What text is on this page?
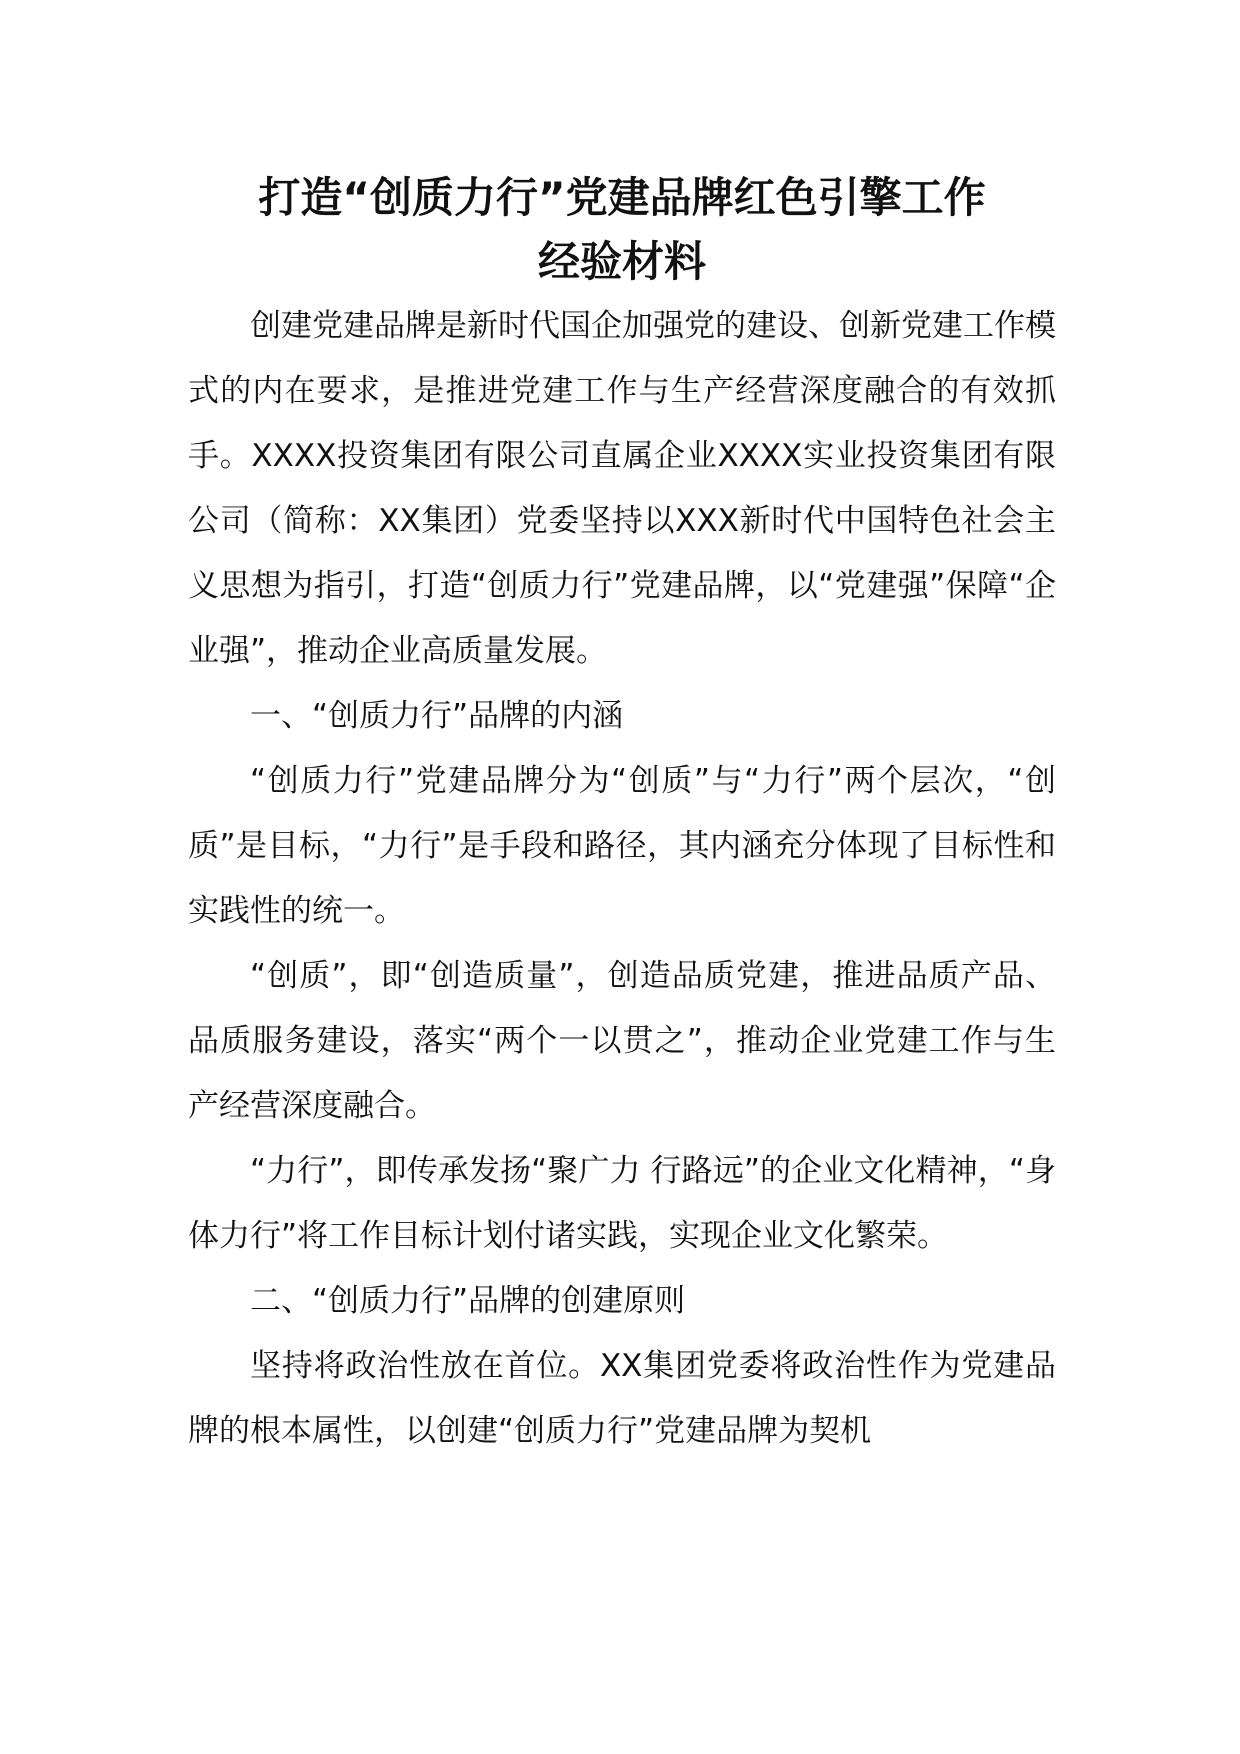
打造“创质力行”党建品牌红色引擎工作
经验材料

创建党建品牌是新时代国企加强党的建设、创新党建工作模式的内在要求，是推进党建工作与生产经营深度融合的有效抓手。XXXX投资集团有限公司直属企业XXXX实业投资集团有限公司（简称：XX集团）党委坚持以XXX新时代中国特色社会主义思想为指引，打造“创质力行”党建品牌，以“党建强”保障“企业强”，推动企业高质量发展。

一、“创质力行”品牌的内涵

“创质力行”党建品牌分为“创质”与“力行”两个层次，“创质”是目标，“力行”是手段和路径，其内涵充分体现了目标性和实践性的统一。

“创质”，即“创造质量”，创造品质党建，推进品质产品、品质服务建设，落实“两个一以贯之”，推动企业党建工作与生产经营深度融合。

“力行”，即传承发扬“聚广力 行路远”的企业文化精神，“身体力行”将工作目标计划付诸实践，实现企业文化繁荣。

二、“创质力行”品牌的创建原则

坚持将政治性放在首位。XX集团党委将政治性作为党建品牌的根本属性，以创建“创质力行”党建品牌为契机
